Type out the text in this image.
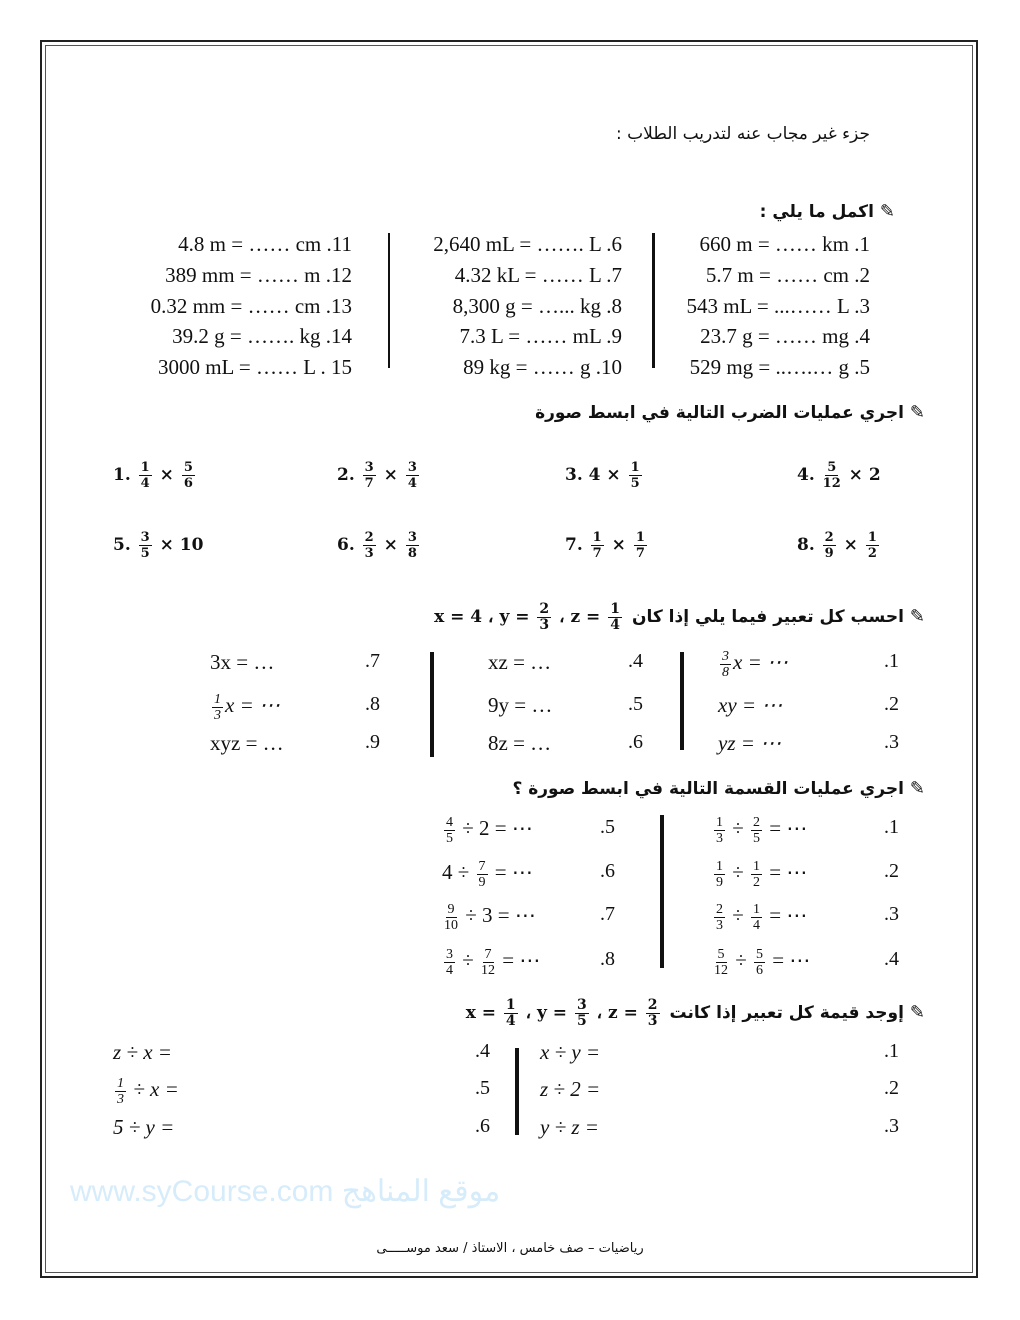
www.syCourse.com موقع المناهج
جزء غير مجاب عنه لتدريب الطلاب :
✎اكمل ما يلي :
660 m = …… km .1
5.7 m = …… cm .2
543 mL = ...…… L .3
23.7 g = …… mg .4
529 mg = ..….… g .5
2,640 mL = ……. L .6
4.32 kL = …… L .7
8,300 g = …... kg .8
7.3 L = …… mL .9
89 kg = …… g .10
4.8 m = …… cm .11
389 mm = …… m .12
0.32 mm = …… cm .13
39.2 g = ……. kg .14
3000 mL = …… L . 15
✎اجري عمليات الضرب التالية في ابسط صورة
1. $\frac{1}{4} \times \frac{5}{6}$	2. $\frac{3}{7} \times \frac{3}{4}$	3. $4 \times \frac{1}{5}$	4. $\frac{5}{12} \times 2$
5. $\frac{3}{5} \times 10$	6. $\frac{2}{3} \times \frac{3}{8}$	7. $\frac{1}{7} \times \frac{1}{7}$	8. $\frac{2}{9} \times \frac{1}{2}$
✎احسب كل تعبير فيما يلي إذا كانx = 4 ، $y = \frac{2}{3}$ ، $z = \frac{1}{4}$
.1
$\frac{3}{8}$ x = ⋯
.2
xy = ⋯
.3
yz = ⋯
.4
xz = …
.5
9y = …
.6
8z = …
.7
3x = …
.8
$\frac{1}{3}$ x = ⋯
.9
xyz = …
✎اجري عمليات القسمة التالية في ابسط صورة ؟
.1
$\frac{1}{3} \div \frac{2}{5}$ = ⋯
.2
$\frac{1}{9} \div \frac{1}{2}$ = ⋯
.3
$\frac{2}{3} \div \frac{1}{4}$ = ⋯
.4
$\frac{5}{12} \div \frac{5}{6}$ = ⋯
.5
$\frac{4}{5} \div 2$ = ⋯
.6
$4 \div \frac{7}{9}$ = ⋯
.7
$\frac{9}{10} \div 3$ = ⋯
.8
$\frac{3}{4} \div \frac{7}{12}$ = ⋯
✎إوجد قيمة كل تعبير إذا كانتx = $\frac{1}{4}$ ، $y = \frac{3}{5}$ ، $z = \frac{2}{3}$
.1
x ÷ y =
.2
z ÷ 2 =
.3
y ÷ z =
.4
z ÷ x =
.5
$\frac{1}{3} \div x$ =
.6
5 ÷ y =
رياضيات – صف خامس ، الاستاذ / سعد موســـــى
